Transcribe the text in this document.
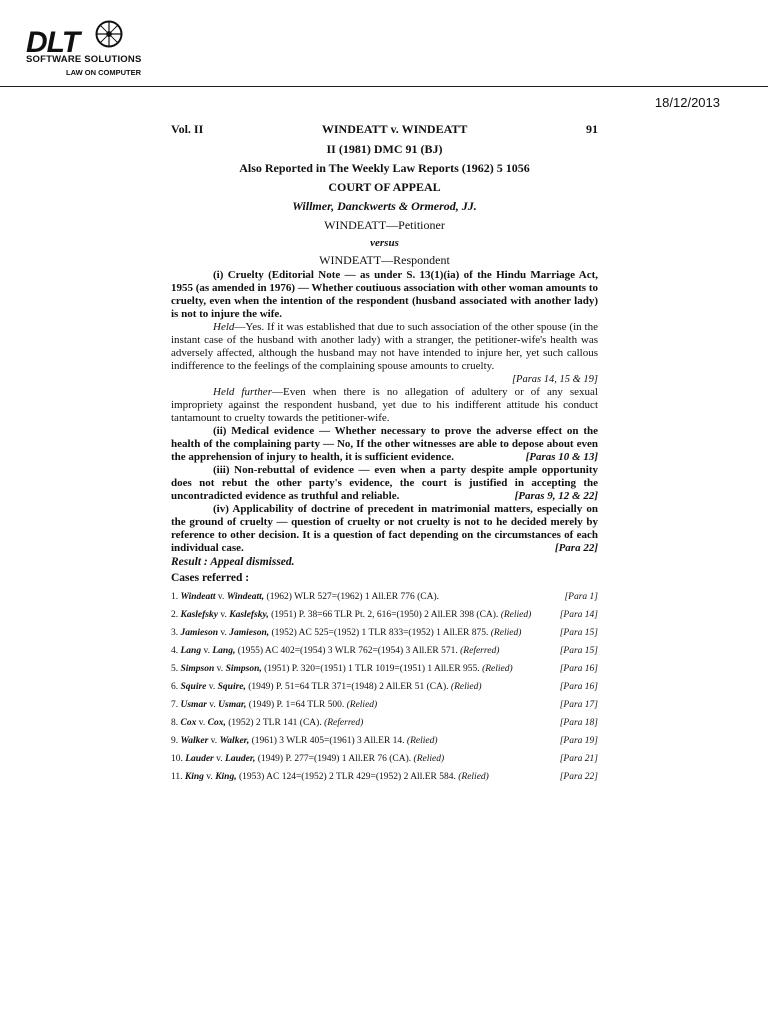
DLT
SOFTWARE SOLUTIONS
LAW ON COMPUTER
18/12/2013
Vol. II	WINDEATT v. WINDEATT	91
II (1981) DMC 91 (BJ)
Also Reported in The Weekly Law Reports (1962) 5 1056
COURT OF APPEAL
Willmer, Danckwerts & Ormerod, JJ.
WINDEATT—Petitioner
versus
WINDEATT—Respondent

(i) Cruelty (Editorial Note — as under S. 13(1)(ia) of the Hindu Marriage Act, 1955 (as amended in 1976) — Whether coutiuous association with other woman amounts to cruelty, even when the intention of the respondent (husband associated with another lady) is not to injure the wife.

Held—Yes. If it was established that due to such association of the other spouse (in the instant case of the husband with another lady) with a stranger, the petitioner-wife's health was adversely affected, although the husband may not have intended to injure her, yet such callous indifference to the feelings of the complaining spouse amounts to cruelty.

[Paras 14, 15 & 19]

Held further—Even when there is no allegation of adultery or of any sexual impropriety against the respondent husband, yet due to his indifferent attitude his conduct tantamount to cruelty towards the petitioner-wife.

(ii) Medical evidence — Whether necessary to prove the adverse effect on the health of the complaining party — No, If the other witnesses are able to depose about even the apprehension of injury to health, it is sufficient evidence.	[Paras 10 & 13]

(iii) Non-rebuttal of evidence — even when a party despite ample opportunity does not rebut the other party's evidence, the court is justified in accepting the uncontradicted evidence as truthful and reliable.	[Paras 9, 12 & 22]

(iv) Applicability of doctrine of precedent in matrimonial matters, especially on the ground of cruelty — question of cruelty or not cruelty is not to he decided merely by reference to other decision. It is a question of fact depending on the circumstances of each individual case.	[Para 22]

Result : Appeal dismissed.
Cases referred :
1. Windeatt v. Windeatt, (1962) WLR 527=(1962) 1 All.ER 776 (CA).	[Para 1]
2. Kaslefsky v. Kaslefsky, (1951) P. 38=66 TLR Pt. 2, 616=(1950) 2 All.ER 398 (CA). (Relied)	[Para 14]
3. Jamieson v. Jamieson, (1952) AC 525=(1952) 1 TLR 833=(1952) 1 All.ER 875. (Relied)	[Para 15]
4. Lang v. Lang, (1955) AC 402=(1954) 3 WLR 762=(1954) 3 All.ER 571. (Referred)	[Para 15]
5. Simpson v. Simpson, (1951) P. 320=(1951) 1 TLR 1019=(1951) 1 All.ER 955. (Relied)	[Para 16]
6. Squire v. Squire, (1949) P. 51=64 TLR 371=(1948) 2 All.ER 51 (CA). (Relied)	[Para 16]
7. Usmar v. Usmar, (1949) P. 1=64 TLR 500. (Relied)	[Para 17]
8. Cox v. Cox, (1952) 2 TLR 141 (CA). (Referred)	[Para 18]
9. Walker v. Walker, (1961) 3 WLR 405=(1961) 3 All.ER 14. (Relied)	[Para 19]
10. Lauder v. Lauder, (1949) P. 277=(1949) 1 All.ER 76 (CA). (Relied)	[Para 21]
11. King v. King, (1953) AC 124=(1952) 2 TLR 429=(1952) 2 All.ER 584. (Relied)	[Para 22]
